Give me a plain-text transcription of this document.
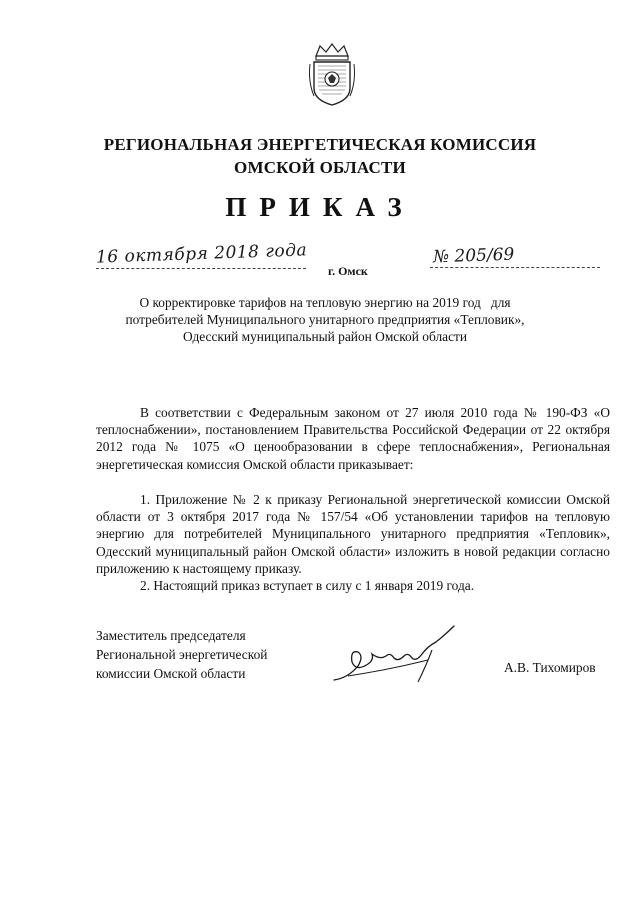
РЕГИОНАЛЬНАЯ ЭНЕРГЕТИЧЕСКАЯ КОМИССИЯ
ОМСКОЙ ОБЛАСТИ
ПРИКАЗ
16 октября 2018 года
г. Омск
№ 205/69
О корректировке тарифов на тепловую энергию на 2019 год   для
потребителей Муниципального унитарного предприятия «Тепловик»,
Одесский муниципальный район Омской области
В соответствии с Федеральным законом от 27 июля 2010 года № 190-ФЗ «О теплоснабжении», постановлением Правительства Российской Федерации от 22 октября 2012 года № 1075 «О ценообразовании в сфере теплоснабжения», Региональная энергетическая комиссия Омской области приказывает:
1. Приложение № 2 к приказу Региональной энергетической комиссии Омской области от 3 октября 2017 года № 157/54 «Об установлении тарифов на тепловую энергию для потребителей Муниципального унитарного предприятия «Тепловик», Одесский муниципальный район Омской области» изложить в новой редакции согласно приложению к настоящему приказу.
2. Настоящий приказ вступает в силу с 1 января 2019 года.
Заместитель председателя
Региональной энергетической
комиссии Омской области	А.В. Тихомиров
